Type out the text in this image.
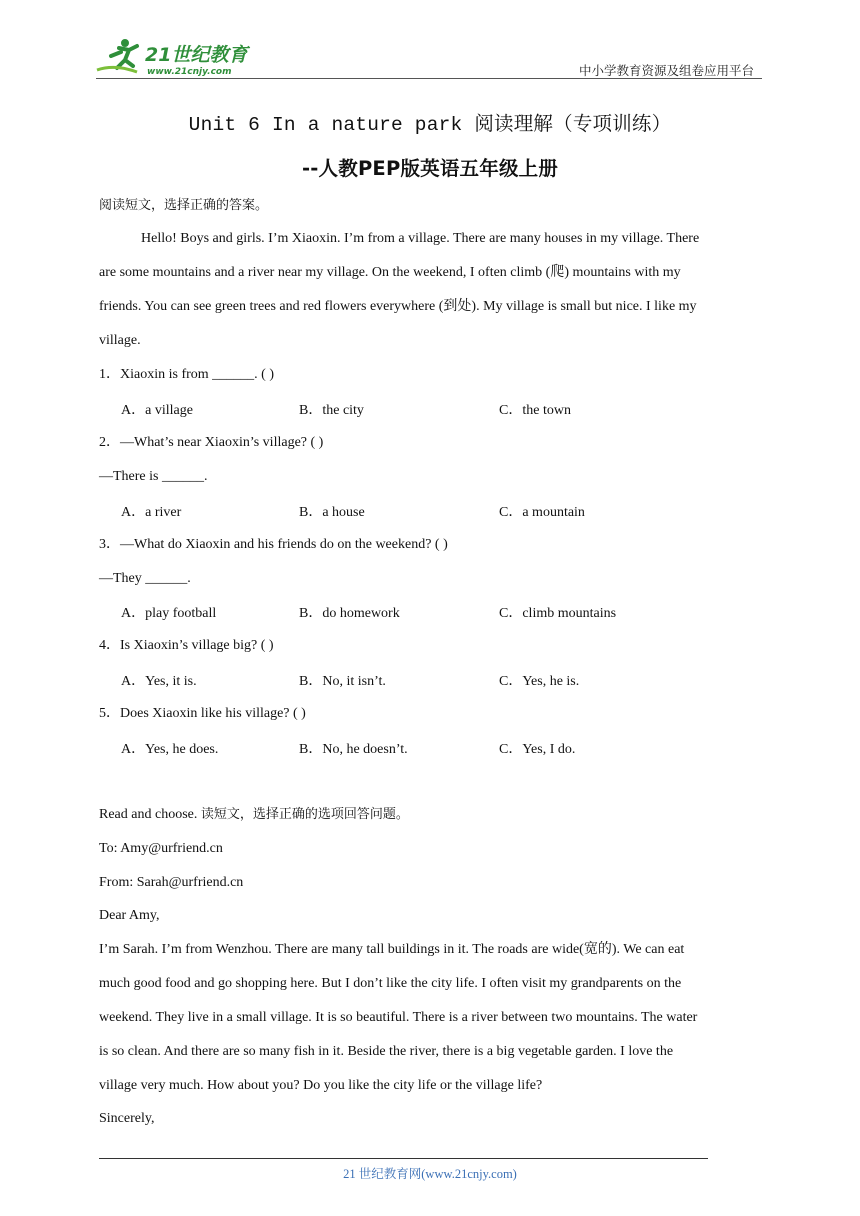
21世纪教育
www.21cnjy.com	中小学教育资源及组卷应用平台
Unit 6 In a nature park 阅读理解（专项训练）
--人教PEP版英语五年级上册
阅读短文，选择正确的答案。
Hello! Boys and girls. I’m Xiaoxin. I’m from a village. There are many houses in my village. There
are some mountains and a river near my village. On the weekend, I often climb (爬) mountains with my
friends. You can see green trees and red flowers everywhere (到处). My village is small but nice. I like my
village.
1．Xiaoxin is from ______. ( )
A．a village	B．the city	C．the town
2．—What’s near Xiaoxin’s village? ( )
—There is ______.
A．a river	B．a house	C．a mountain
3．—What do Xiaoxin and his friends do on the weekend? ( )
—They ______.
A．play football	B．do homework	C．climb mountains
4．Is Xiaoxin’s village big? ( )
A．Yes, it is.	B．No, it isn’t.	C．Yes, he is.
5．Does Xiaoxin like his village? ( )
A．Yes, he does.	B．No, he doesn’t.	C．Yes, I do.
Read and choose. 读短文，选择正确的选项回答问题。
To: Amy@urfriend.cn
From: Sarah@urfriend.cn
Dear Amy,
I’m Sarah. I’m from Wenzhou. There are many tall buildings in it. The roads are wide(宽的). We can eat
much good food and go shopping here. But I don’t like the city life. I often visit my grandparents on the
weekend. They live in a small village. It is so beautiful. There is a river between two mountains. The water
is so clean. And there are so many fish in it. Beside the river, there is a big vegetable garden. I love the
village very much. How about you? Do you like the city life or the village life?
Sincerely,
21 世纪教育网(www.21cnjy.com)
